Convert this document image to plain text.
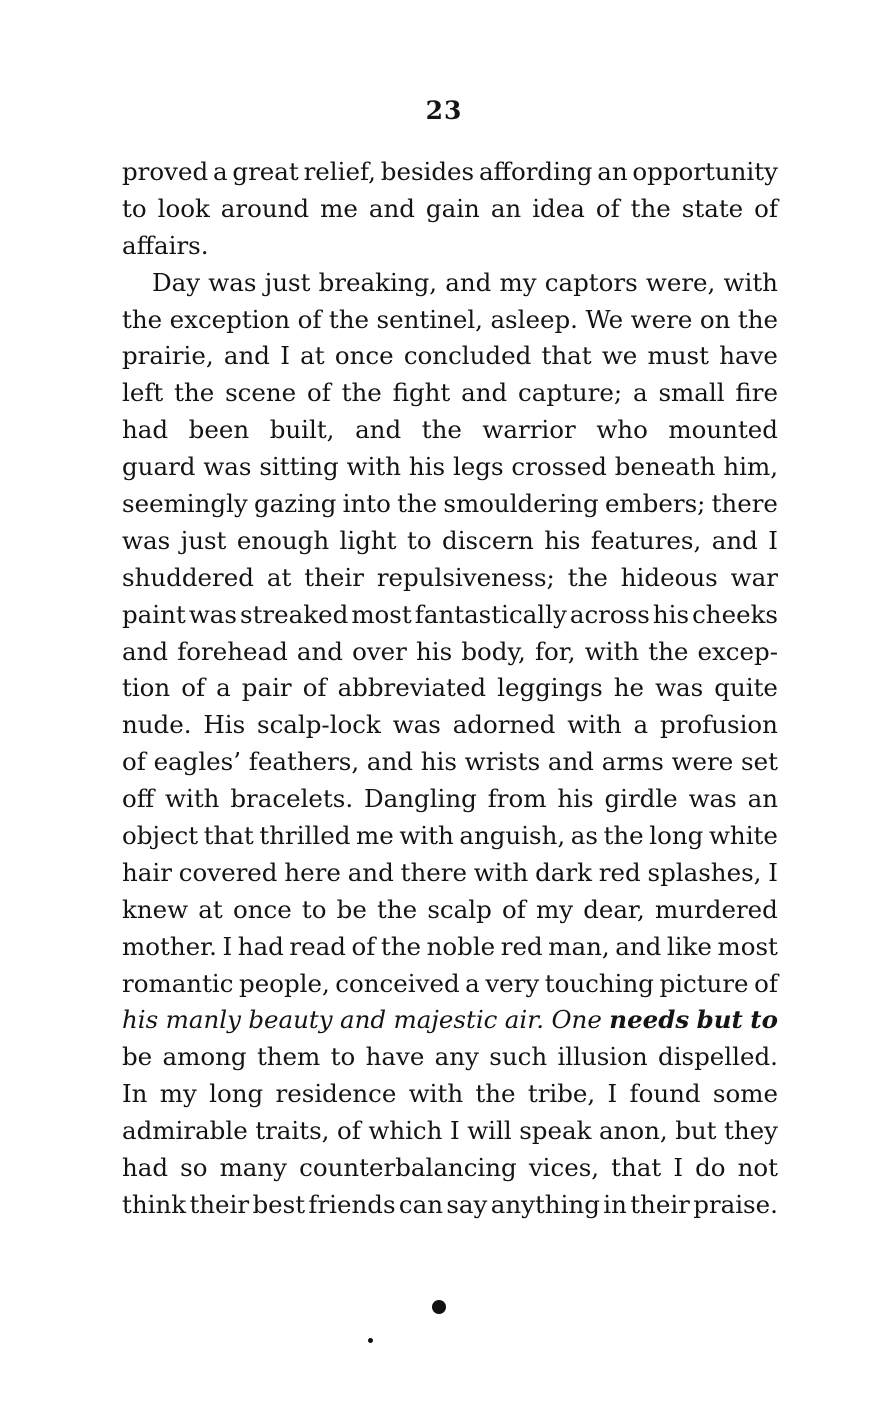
23
proved a great relief, besides affording an opportunity
to look around me and gain an idea of the state of
affairs.
Day was just breaking, and my captors were, with
the exception of the sentinel, asleep. We were on the
prairie, and I at once concluded that we must have
left the scene of the fight and capture; a small fire
had been built, and the warrior who mounted
guard was sitting with his legs crossed beneath him,
seemingly gazing into the smouldering embers; there
was just enough light to discern his features, and I
shuddered at their repulsiveness; the hideous war
paint was streaked most fantastically across his cheeks
and forehead and over his body, for, with the excep-
tion of a pair of abbreviated leggings he was quite
nude. His scalp-lock was adorned with a profusion
of eagles’ feathers, and his wrists and arms were set
off with bracelets. Dangling from his girdle was an
object that thrilled me with anguish, as the long white
hair covered here and there with dark red splashes, I
knew at once to be the scalp of my dear, murdered
mother. I had read of the noble red man, and like most
romantic people, conceived a very touching picture of
his manly beauty and majestic air. One needs but to
be among them to have any such illusion dispelled.
In my long residence with the tribe, I found some
admirable traits, of which I will speak anon, but they
had so many counterbalancing vices, that I do not
think their best friends can say anything in their praise.
